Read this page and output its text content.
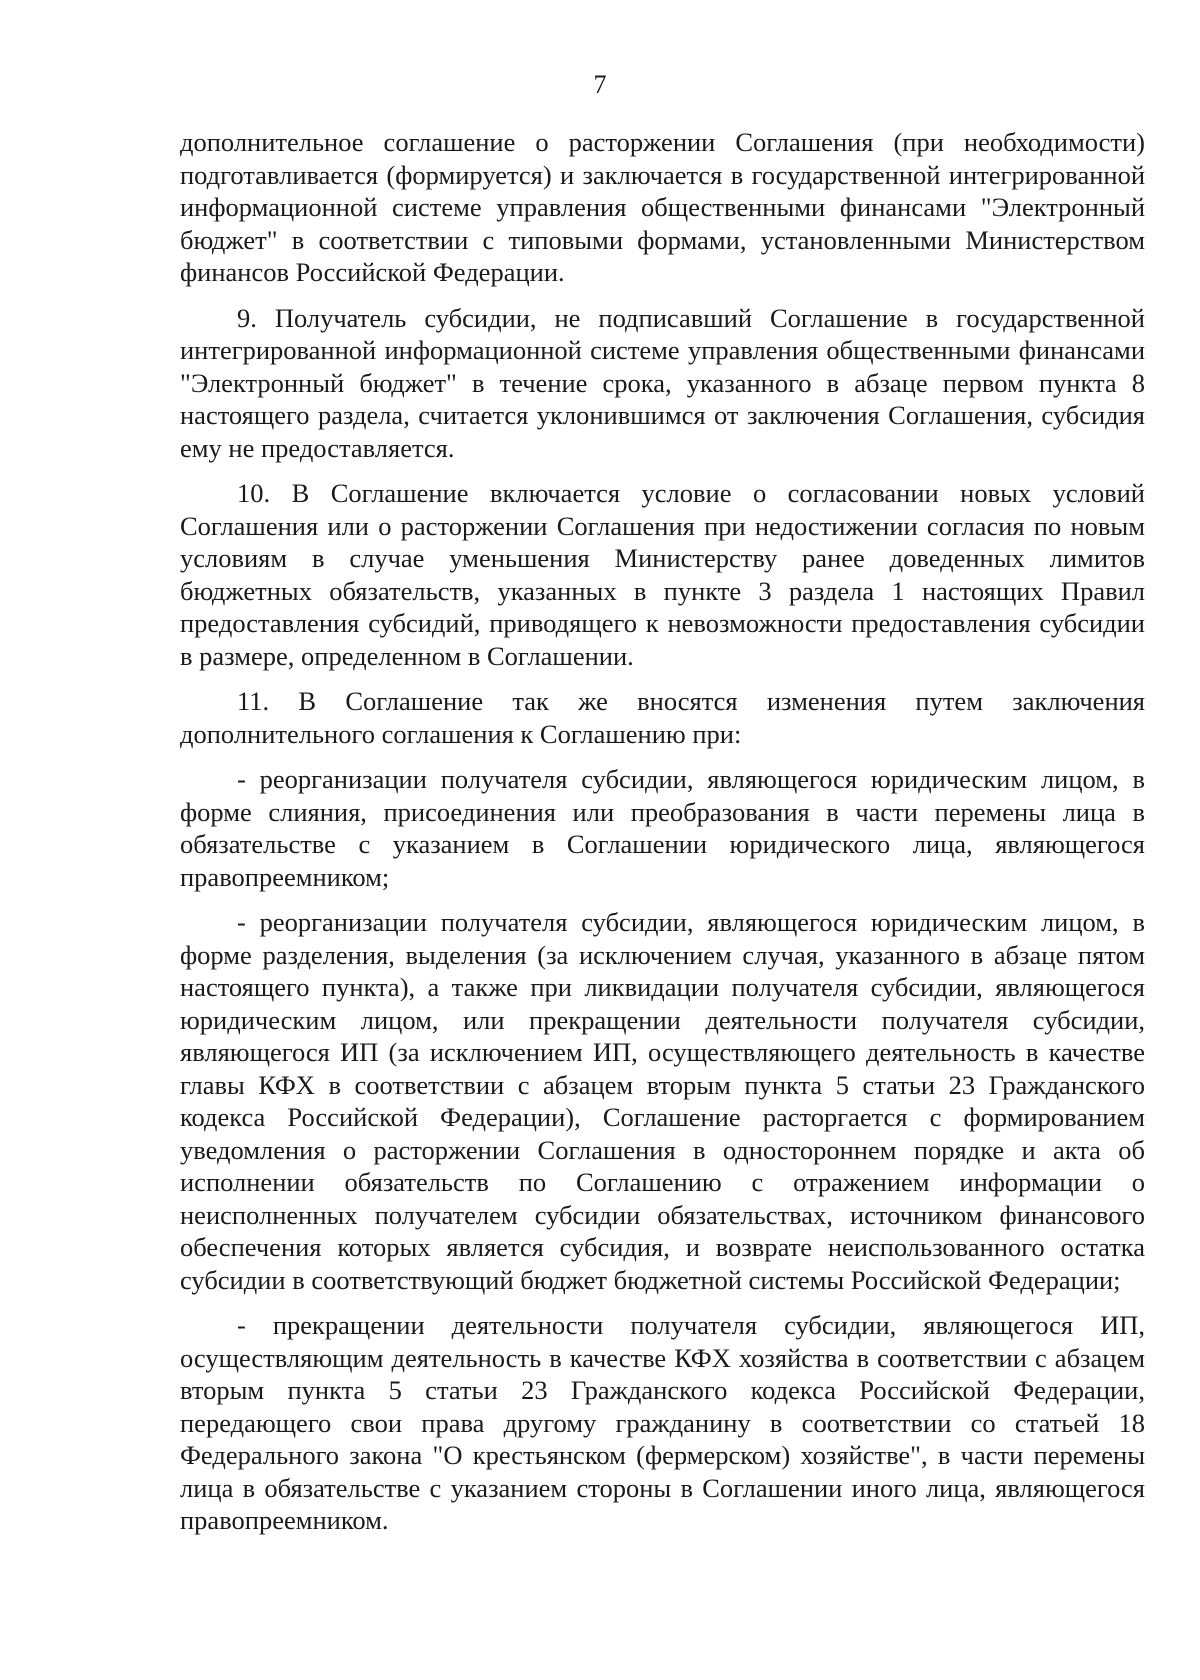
7

дополнительное соглашение о расторжении Соглашения (при необходимости) подготавливается (формируется) и заключается в государственной интегрированной информационной системе управления общественными финансами "Электронный бюджет" в соответствии с типовыми формами, установленными Министерством финансов Российской Федерации.

9. Получатель субсидии, не подписавший Соглашение в государственной интегрированной информационной системе управления общественными финансами "Электронный бюджет" в течение срока, указанного в абзаце первом пункта 8 настоящего раздела, считается уклонившимся от заключения Соглашения, субсидия ему не предоставляется.

10. В Соглашение включается условие о согласовании новых условий Соглашения или о расторжении Соглашения при недостижении согласия по новым условиям в случае уменьшения Министерству ранее доведенных лимитов бюджетных обязательств, указанных в пункте 3 раздела 1 настоящих Правил предоставления субсидий, приводящего к невозможности предоставления субсидии в размере, определенном в Соглашении.

11. В Соглашение так же вносятся изменения путем заключения дополнительного соглашения к Соглашению при:

- реорганизации получателя субсидии, являющегося юридическим лицом, в форме слияния, присоединения или преобразования в части перемены лица в обязательстве с указанием в Соглашении юридического лица, являющегося правопреемником;

- реорганизации получателя субсидии, являющегося юридическим лицом, в форме разделения, выделения (за исключением случая, указанного в абзаце пятом настоящего пункта), а также при ликвидации получателя субсидии, являющегося юридическим лицом, или прекращении деятельности получателя субсидии, являющегося ИП (за исключением ИП, осуществляющего деятельность в качестве главы КФХ в соответствии с абзацем вторым пункта 5 статьи 23 Гражданского кодекса Российской Федерации), Соглашение расторгается с формированием уведомления о расторжении Соглашения в одностороннем порядке и акта об исполнении обязательств по Соглашению с отражением информации о неисполненных получателем субсидии обязательствах, источником финансового обеспечения которых является субсидия, и возврате неиспользованного остатка субсидии в соответствующий бюджет бюджетной системы Российской Федерации;

- прекращении деятельности получателя субсидии, являющегося ИП, осуществляющим деятельность в качестве КФХ хозяйства в соответствии с абзацем вторым пункта 5 статьи 23 Гражданского кодекса Российской Федерации, передающего свои права другому гражданину в соответствии со статьей 18 Федерального закона "О крестьянском (фермерском) хозяйстве", в части перемены лица в обязательстве с указанием стороны в Соглашении иного лица, являющегося правопреемником.
